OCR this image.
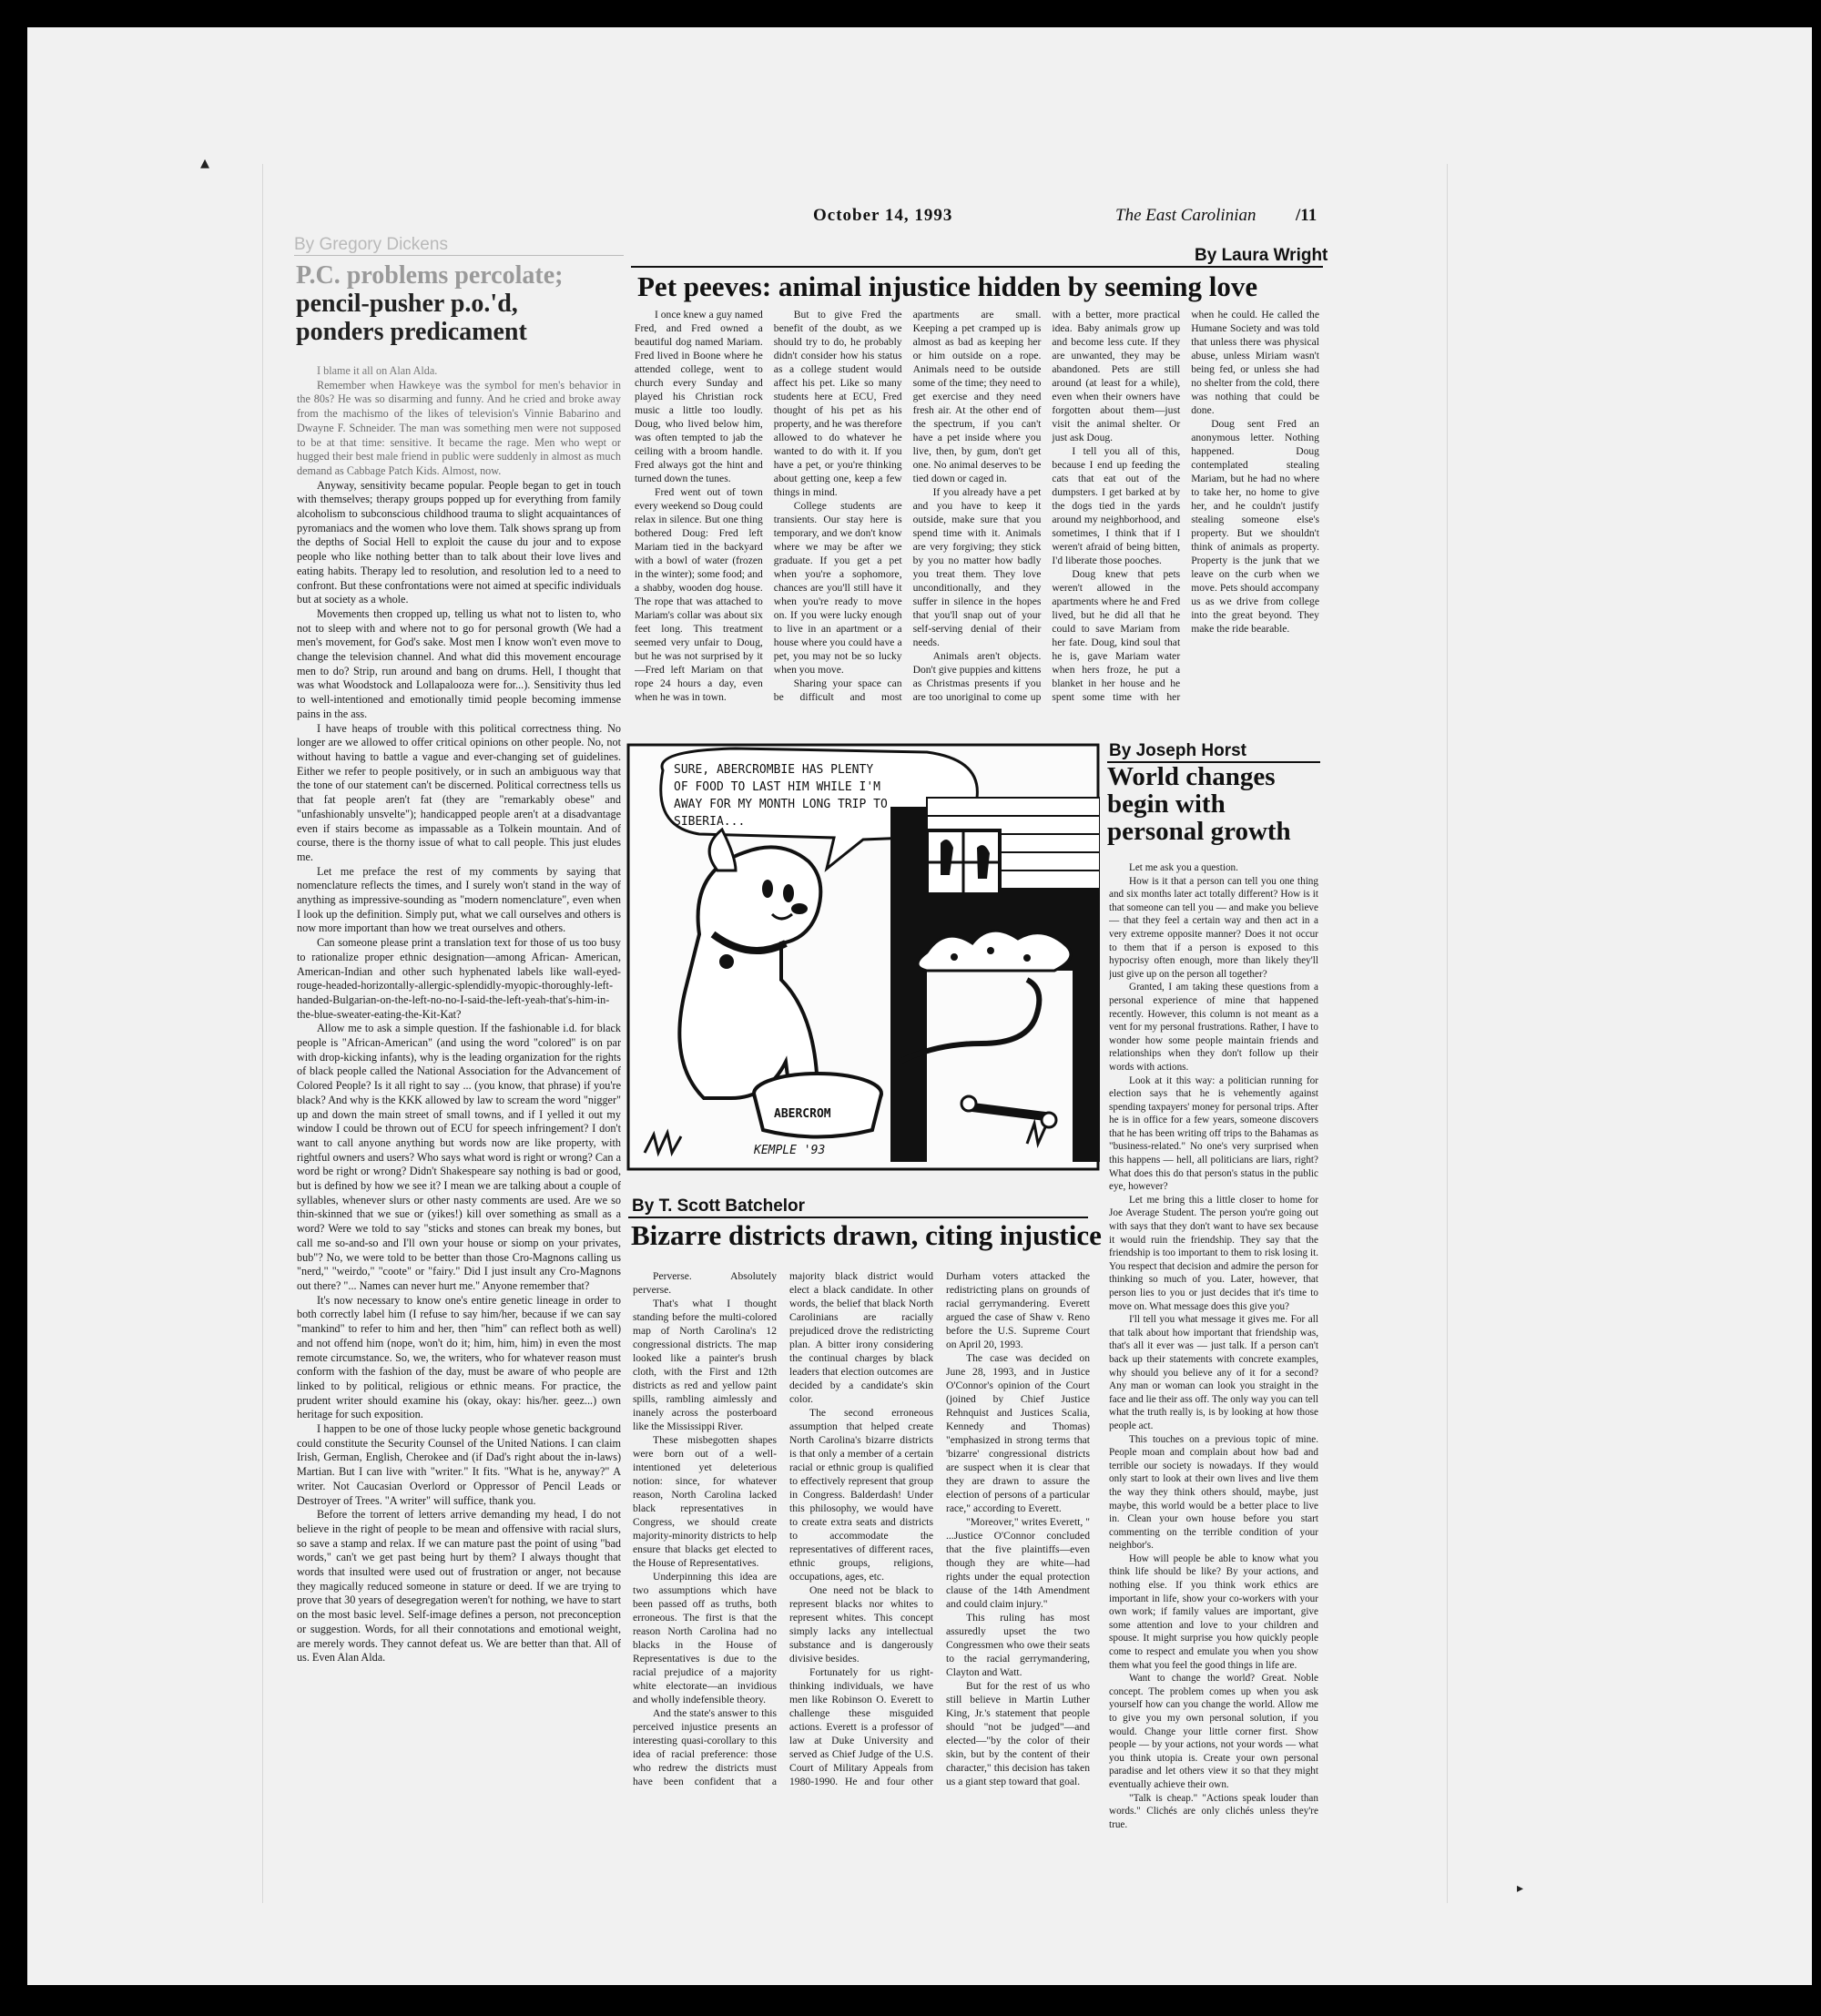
▴
▸
October 14, 1993	The East Carolinian /11
By Gregory Dickens
P.C. problems percolate;
pencil-pusher p.o.'d,
ponders predicament

I blame it all on Alan Alda.

Remember when Hawkeye was the symbol for men's behavior in the 80s? He was so disarming and funny. And he cried and broke away from the machismo of the likes of television's Vinnie Babarino and Dwayne F. Schneider. The man was something men were not supposed to be at that time: sensitive. It became the rage. Men who wept or hugged their best male friend in public were suddenly in almost as much demand as Cabbage Patch Kids. Almost, now.

Anyway, sensitivity became popular. People began to get in touch with themselves; therapy groups popped up for everything from family alcoholism to subconscious childhood trauma to slight acquaintances of pyromaniacs and the women who love them. Talk shows sprang up from the depths of Social Hell to exploit the cause du jour and to expose people who like nothing better than to talk about their love lives and eating habits. Therapy led to resolution, and resolution led to a need to confront. But these confrontations were not aimed at specific individuals but at society as a whole.

Movements then cropped up, telling us what not to listen to, who not to sleep with and where not to go for personal growth (We had a men's movement, for God's sake. Most men I know won't even move to change the television channel. And what did this movement encourage men to do? Strip, run around and bang on drums. Hell, I thought that was what Woodstock and Lollapalooza were for...). Sensitivity thus led to well-intentioned and emotionally timid people becoming immense pains in the ass.

I have heaps of trouble with this political correctness thing. No longer are we allowed to offer critical opinions on other people. No, not without having to battle a vague and ever-changing set of guidelines. Either we refer to people positively, or in such an ambiguous way that the tone of our statement can't be discerned. Political correctness tells us that fat people aren't fat (they are "remarkably obese" and "unfashionably unsvelte"); handicapped people aren't at a disadvantage even if stairs become as impassable as a Tolkein mountain. And of course, there is the thorny issue of what to call people. This just eludes me.

Let me preface the rest of my comments by saying that nomenclature reflects the times, and I surely won't stand in the way of anything as impressive-sounding as "modern nomenclature", even when I look up the definition. Simply put, what we call ourselves and others is now more important than how we treat ourselves and others.

Can someone please print a translation text for those of us too busy to rationalize proper ethnic designation—among African- American, American-Indian and other such hyphenated labels like wall-eyed-rouge-headed-horizontally-allergic-splendidly-myopic-thoroughly-left-handed-Bulgarian-on-the-left-no-no-I-said-the-left-yeah-that's-him-in-the-blue-sweater-eating-the-Kit-Kat?

Allow me to ask a simple question. If the fashionable i.d. for black people is "African-American" (and using the word "colored" is on par with drop-kicking infants), why is the leading organization for the rights of black people called the National Association for the Advancement of Colored People? Is it all right to say ... (you know, that phrase) if you're black? And why is the KKK allowed by law to scream the word "nigger" up and down the main street of small towns, and if I yelled it out my window I could be thrown out of ECU for speech infringement? I don't want to call anyone anything but words now are like property, with rightful owners and users? Who says what word is right or wrong? Can a word be right or wrong? Didn't Shakespeare say nothing is bad or good, but is defined by how we see it? I mean we are talking about a couple of syllables, whenever slurs or other nasty comments are used. Are we so thin-skinned that we sue or (yikes!) kill over something as small as a word? Were we told to say "sticks and stones can break my bones, but call me so-and-so and I'll own your house or siomp on your privates, bub"? No, we were told to be better than those Cro-Magnons calling us "nerd," "weirdo," "coote" or "fairy." Did I just insult any Cro-Magnons out there? "... Names can never hurt me." Anyone remember that?

It's now necessary to know one's entire genetic lineage in order to both correctly label him (I refuse to say him/her, because if we can say "mankind" to refer to him and her, then "him" can reflect both as well) and not offend him (nope, won't do it; him, him, him) in even the most remote circumstance. So, we, the writers, who for whatever reason must conform with the fashion of the day, must be aware of who people are linked to by political, religious or ethnic means. For practice, the prudent writer should examine his (okay, okay: his/her. geez...) own heritage for such exposition.

I happen to be one of those lucky people whose genetic background could constitute the Security Counsel of the United Nations. I can claim Irish, German, English, Cherokee and (if Dad's right about the in-laws) Martian. But I can live with "writer." It fits. "What is he, anyway?" A writer. Not Caucasian Overlord or Oppressor of Pencil Leads or Destroyer of Trees. "A writer" will suffice, thank you.

Before the torrent of letters arrive demanding my head, I do not believe in the right of people to be mean and offensive with racial slurs, so save a stamp and relax. If we can mature past the point of using "bad words," can't we get past being hurt by them? I always thought that words that insulted were used out of frustration or anger, not because they magically reduced someone in stature or deed. If we are trying to prove that 30 years of desegregation weren't for nothing, we have to start on the most basic level. Self-image defines a person, not preconception or suggestion. Words, for all their connotations and emotional weight, are merely words. They cannot defeat us. We are better than that. All of us. Even Alan Alda.

By Laura Wright
Pet peeves: animal injustice hidden by seeming love

I once knew a guy named Fred, and Fred owned a beautiful dog named Mariam. Fred lived in Boone where he attended college, went to church every Sunday and played his Christian rock music a little too loudly. Doug, who lived below him, was often tempted to jab the ceiling with a broom handle. Fred always got the hint and turned down the tunes.

Fred went out of town every weekend so Doug could relax in silence. But one thing bothered Doug: Fred left Mariam tied in the backyard with a bowl of water (frozen in the winter); some food; and a shabby, wooden dog house. The rope that was attached to Mariam's collar was about six feet long. This treatment seemed very unfair to Doug, but he was not surprised by it—Fred left Mariam on that rope 24 hours a day, even when he was in town.

But to give Fred the benefit of the doubt, as we should try to do, he probably didn't consider how his status as a college student would affect his pet. Like so many students here at ECU, Fred thought of his pet as his property, and he was therefore allowed to do whatever he wanted to do with it. If you have a pet, or you're thinking about getting one, keep a few things in mind.

College students are transients. Our stay here is temporary, and we don't know where we may be after we graduate. If you get a pet when you're a sophomore, chances are you'll still have it when you're ready to move on. If you were lucky enough to live in an apartment or a house where you could have a pet, you may not be so lucky when you move.

Sharing your space can be difficult and most apartments are small. Keeping a pet cramped up is almost as bad as keeping her or him outside on a rope. Animals need to be outside some of the time; they need to get exercise and they need fresh air. At the other end of the spectrum, if you can't have a pet inside where you live, then, by gum, don't get one. No animal deserves to be tied down or caged in.

If you already have a pet and you have to keep it outside, make sure that you spend time with it. Animals are very forgiving; they stick by you no matter how badly you treat them. They love unconditionally, and they suffer in silence in the hopes that you'll snap out of your self-serving denial of their needs.

Animals aren't objects. Don't give puppies and kittens as Christmas presents if you are too unoriginal to come up with a better, more practical idea. Baby animals grow up and become less cute. If they are unwanted, they may be abandoned. Pets are still around (at least for a while), even when their owners have forgotten about them—just visit the animal shelter. Or just ask Doug.

I tell you all of this, because I end up feeding the cats that eat out of the dumpsters. I get barked at by the dogs tied in the yards around my neighborhood, and sometimes, I think that if I weren't afraid of being bitten, I'd liberate those pooches.

Doug knew that pets weren't allowed in the apartments where he and Fred lived, but he did all that he could to save Mariam from her fate. Doug, kind soul that he is, gave Mariam water when hers froze, he put a blanket in her house and he spent some time with her when he could. He called the Humane Society and was told that unless there was physical abuse, unless Miriam wasn't being fed, or unless she had no shelter from the cold, there was nothing that could be done.

Doug sent Fred an anonymous letter. Nothing happened. Doug contemplated stealing Mariam, but he had no where to take her, no home to give her, and he couldn't justify stealing someone else's property. But we shouldn't think of animals as property. Property is the junk that we leave on the curb when we move. Pets should accompany us as we drive from college into the great beyond. They make the ride bearable.

SURE, ABERCROMBIE HAS PLENTY
OF FOOD TO LAST HIM WHILE I'M
AWAY FOR MY MONTH LONG TRIP TO
SIBERIA...
ABERCROM
KEMPLE '93
By T. Scott Batchelor
Bizarre districts drawn, citing injustice

Perverse. Absolutely perverse.

That's what I thought standing before the multi-colored map of North Carolina's 12 congressional districts. The map looked like a painter's brush cloth, with the First and 12th districts as red and yellow paint spills, rambling aimlessly and inanely across the posterboard like the Mississippi River.

These misbegotten shapes were born out of a well-intentioned yet deleterious notion: since, for whatever reason, North Carolina lacked black representatives in Congress, we should create majority-minority districts to help ensure that blacks get elected to the House of Representatives.

Underpinning this idea are two assumptions which have been passed off as truths, both erroneous. The first is that the reason North Carolina had no blacks in the House of Representatives is due to the racial prejudice of a majority white electorate—an invidious and wholly indefensible theory.

And the state's answer to this perceived injustice presents an interesting quasi-corollary to this idea of racial preference: those who redrew the districts must have been confident that a majority black district would elect a black candidate. In other words, the belief that black North Carolinians are racially prejudiced drove the redistricting plan. A bitter irony considering the continual charges by black leaders that election outcomes are decided by a candidate's skin color.

The second erroneous assumption that helped create North Carolina's bizarre districts is that only a member of a certain racial or ethnic group is qualified to effectively represent that group in Congress. Balderdash! Under this philosophy, we would have to create extra seats and districts to accommodate the representatives of different races, ethnic groups, religions, occupations, ages, etc.

One need not be black to represent blacks nor whites to represent whites. This concept simply lacks any intellectual substance and is dangerously divisive besides.

Fortunately for us right-thinking individuals, we have men like Robinson O. Everett to challenge these misguided actions. Everett is a professor of law at Duke University and served as Chief Judge of the U.S. Court of Military Appeals from 1980-1990. He and four other Durham voters attacked the redistricting plans on grounds of racial gerrymandering. Everett argued the case of Shaw v. Reno before the U.S. Supreme Court on April 20, 1993.

The case was decided on June 28, 1993, and in Justice O'Connor's opinion of the Court (joined by Chief Justice Rehnquist and Justices Scalia, Kennedy and Thomas) "emphasized in strong terms that 'bizarre' congressional districts are suspect when it is clear that they are drawn to assure the election of persons of a particular race," according to Everett.

"Moreover," writes Everett, " ...Justice O'Connor concluded that the five plaintiffs—even though they are white—had rights under the equal protection clause of the 14th Amendment and could claim injury."

This ruling has most assuredly upset the two Congressmen who owe their seats to the racial gerrymandering, Clayton and Watt.

But for the rest of us who still believe in Martin Luther King, Jr.'s statement that people should "not be judged"—and elected—"by the color of their skin, but by the content of their character," this decision has taken us a giant step toward that goal.

By Joseph Horst
World changes
begin with
personal growth

Let me ask you a question.

How is it that a person can tell you one thing and six months later act totally different? How is it that someone can tell you — and make you believe — that they feel a certain way and then act in a very extreme opposite manner? Does it not occur to them that if a person is exposed to this hypocrisy often enough, more than likely they'll just give up on the person all together?

Granted, I am taking these questions from a personal experience of mine that happened recently. However, this column is not meant as a vent for my personal frustrations. Rather, I have to wonder how some people maintain friends and relationships when they don't follow up their words with actions.

Look at it this way: a politician running for election says that he is vehemently against spending taxpayers' money for personal trips. After he is in office for a few years, someone discovers that he has been writing off trips to the Bahamas as "business-related." No one's very surprised when this happens — hell, all politicians are liars, right? What does this do that person's status in the public eye, however?

Let me bring this a little closer to home for Joe Average Student. The person you're going out with says that they don't want to have sex because it would ruin the friendship. They say that the friendship is too important to them to risk losing it. You respect that decision and admire the person for thinking so much of you. Later, however, that person lies to you or just decides that it's time to move on. What message does this give you?

I'll tell you what message it gives me. For all that talk about how important that friendship was, that's all it ever was — just talk. If a person can't back up their statements with concrete examples, why should you believe any of it for a second? Any man or woman can look you straight in the face and lie their ass off. The only way you can tell what the truth really is, is by looking at how those people act.

This touches on a previous topic of mine. People moan and complain about how bad and terrible our society is nowadays. If they would only start to look at their own lives and live them the way they think others should, maybe, just maybe, this world would be a better place to live in. Clean your own house before you start commenting on the terrible condition of your neighbor's.

How will people be able to know what you think life should be like? By your actions, and nothing else. If you think work ethics are important in life, show your co-workers with your own work; if family values are important, give some attention and love to your children and spouse. It might surprise you how quickly people come to respect and emulate you when you show them what you feel the good things in life are.

Want to change the world? Great. Noble concept. The problem comes up when you ask yourself how can you change the world. Allow me to give you my own personal solution, if you would. Change your little corner first. Show people — by your actions, not your words — what you think utopia is. Create your own personal paradise and let others view it so that they might eventually achieve their own.

"Talk is cheap." "Actions speak louder than words." Clichés are only clichés unless they're true.
